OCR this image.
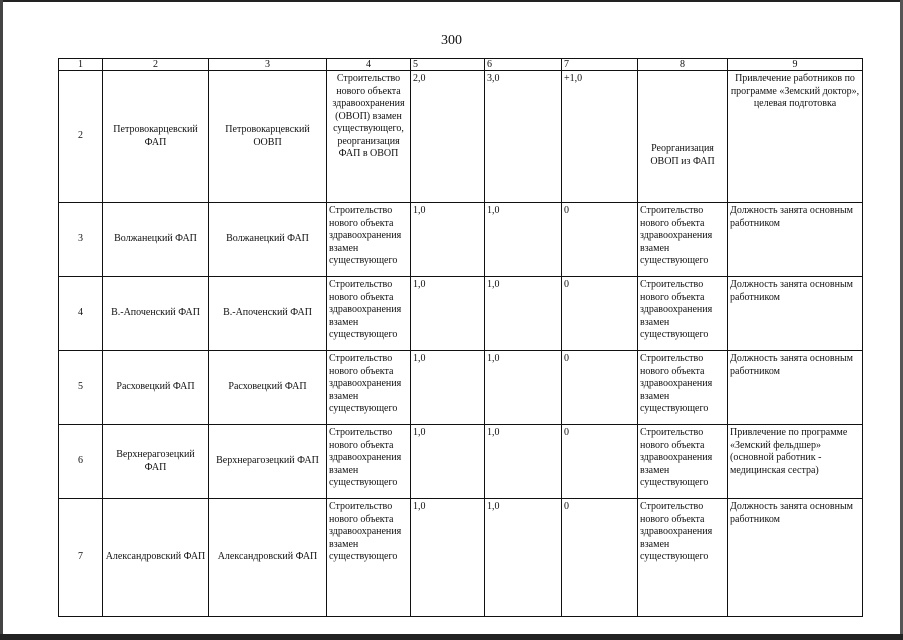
300
1	2	3	4	5	6	7	8	9
2	Петровокарцевский ФАП	Петровокарцевский ООВП	Строительство нового объекта здравоохранения (ОВОП) взамен существующего, реорганизация ФАП в ОВОП	2,0	3,0	+1,0	Реорганизация ОВОП из ФАП	Привлечение работников по программе «Земский доктор», целевая подготовка
3	Волжанецкий ФАП	Волжанецкий ФАП	Строительство нового объекта здравоохранения взамен существующего	1,0	1,0	0	Строительство нового объекта здравоохранения взамен существующего	Должность занята основным работником
4	В.-Апоченский ФАП	В.-Апоченский ФАП	Строительство нового объекта здравоохранения взамен существующего	1,0	1,0	0	Строительство нового объекта здравоохранения взамен существующего	Должность занята основным работником
5	Расховецкий ФАП	Расховецкий ФАП	Строительство нового объекта здравоохранения взамен существующего	1,0	1,0	0	Строительство нового объекта здравоохранения взамен существующего	Должность занята основным работником
6	Верхнерагозецкий ФАП	Верхнерагозецкий ФАП	Строительство нового объекта здравоохранения взамен существующего	1,0	1,0	0	Строительство нового объекта здравоохранения взамен существующего	Привлечение по программе «Земский фельдшер» (основной работник - медицинская сестра)
7	Александровский ФАП	Александровский ФАП	Строительство нового объекта здравоохранения взамен существующего	1,0	1,0	0	Строительство нового объекта здравоохранения взамен существующего	Должность занята основным работником
